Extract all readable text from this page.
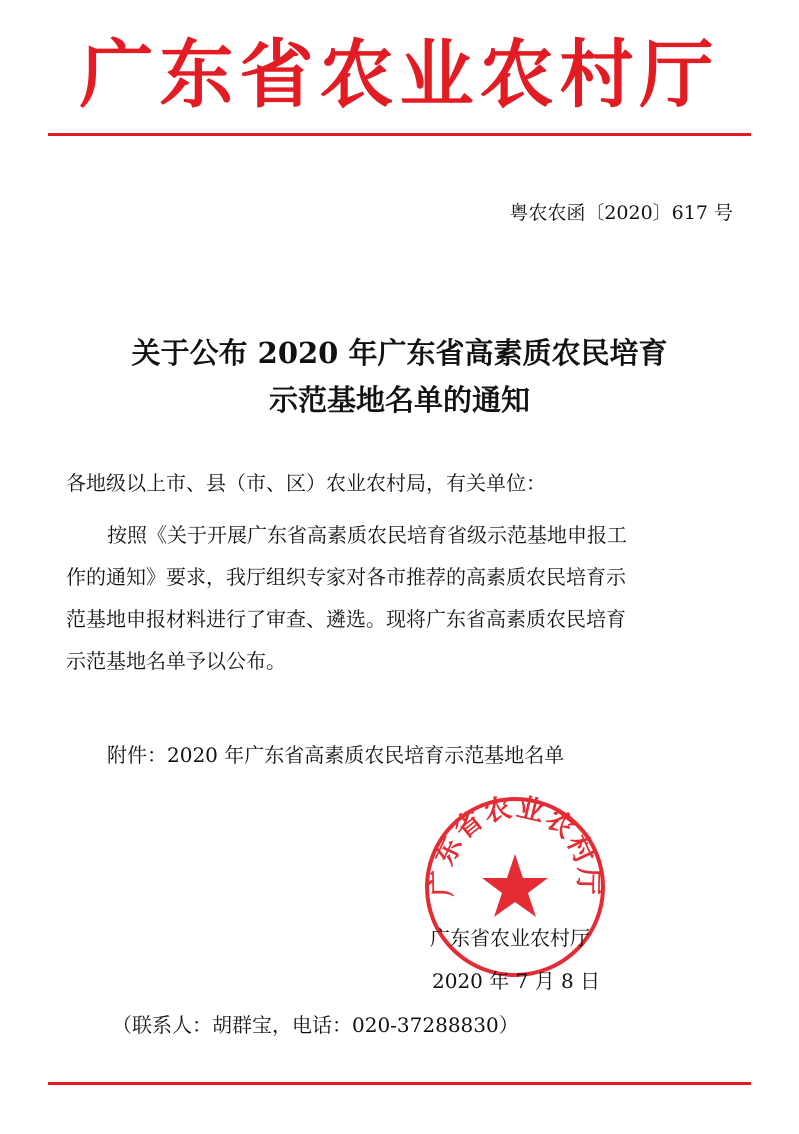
广东省农业农村厅
粤农农函〔2020〕617 号
关于公布 2020 年广东省高素质农民培育
示范基地名单的通知
各地级以上市、县（市、区）农业农村局，有关单位：
按照《关于开展广东省高素质农民培育省级示范基地申报工
作的通知》要求，我厅组织专家对各市推荐的高素质农民培育示
范基地申报材料进行了审查、遴选。现将广东省高素质农民培育
示范基地名单予以公布。
附件：2020 年广东省高素质农民培育示范基地名单
广东省农业农村厅
广东省农业农村厅
2020 年 7 月 8 日
（联系人：胡群宝，电话：020-37288830）
